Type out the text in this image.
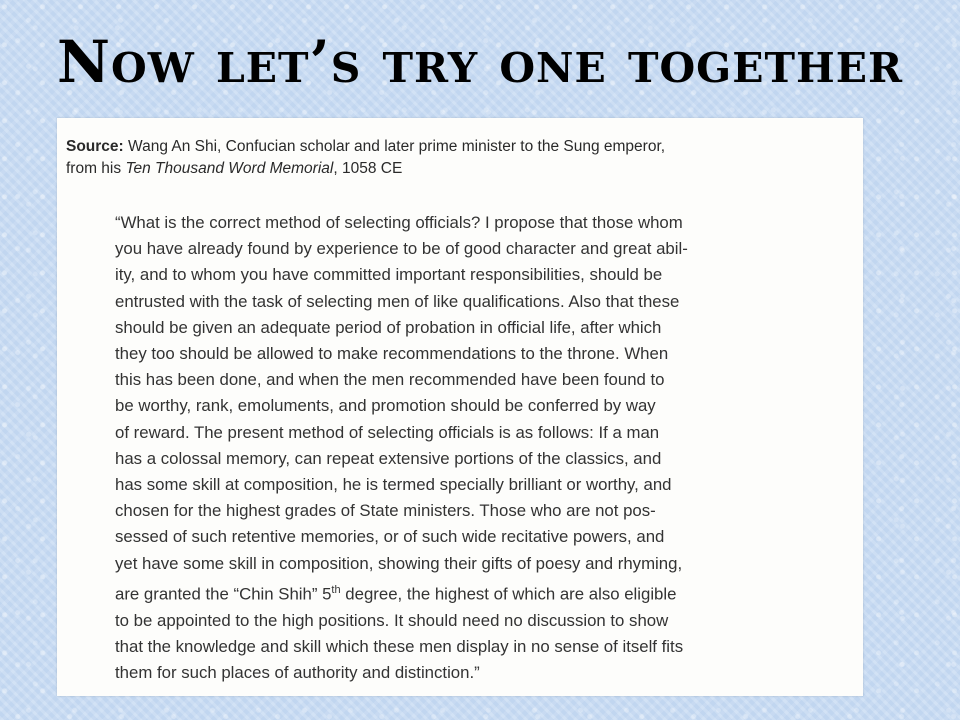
Now let’s try one together
Source: Wang An Shi, Confucian scholar and later prime minister to the Sung emperor,
from his Ten Thousand Word Memorial, 1058 CE
“What is the correct method of selecting officials? I propose that those whom
you have already found by experience to be of good character and great abil-
ity, and to whom you have committed important responsibilities, should be
entrusted with the task of selecting men of like qualifications. Also that these
should be given an adequate period of probation in official life, after which
they too should be allowed to make recommendations to the throne. When
this has been done, and when the men recommended have been found to
be worthy, rank, emoluments, and promotion should be conferred by way
of reward. The present method of selecting officials is as follows: If a man
has a colossal memory, can repeat extensive portions of the classics, and
has some skill at composition, he is termed specially brilliant or worthy, and
chosen for the highest grades of State ministers. Those who are not pos-
sessed of such retentive memories, or of such wide recitative powers, and
yet have some skill in composition, showing their gifts of poesy and rhyming,
are granted the “Chin Shih” 5th degree, the highest of which are also eligible
to be appointed to the high positions. It should need no discussion to show
that the knowledge and skill which these men display in no sense of itself fits
them for such places of authority and distinction.”
